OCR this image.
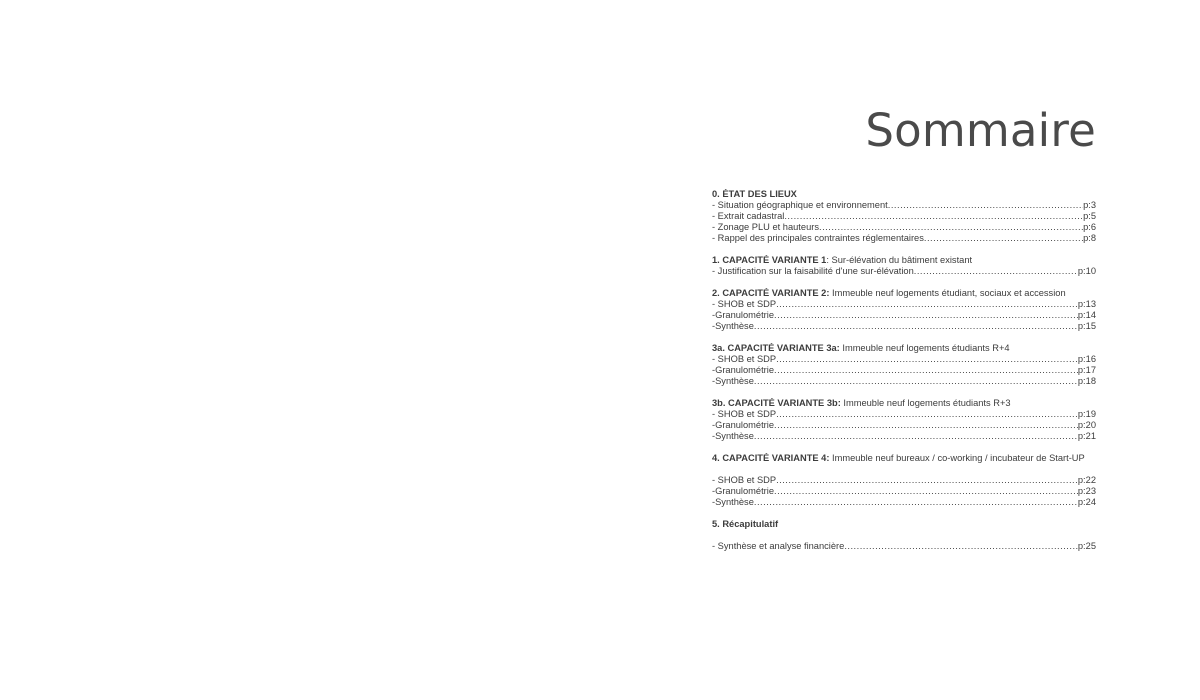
Sommaire
0. ÉTAT DES LIEUX
- Situation géographique et environnement .....	p:3
- Extrait cadastral .....	p:5
- Zonage PLU et hauteurs .....	p:6
- Rappel des principales contraintes réglementaires .....	p:8
1. CAPACITÉ VARIANTE 1: Sur-élévation du bâtiment existant
- Justification sur la faisabilité d'une sur-élévation .....	p:10
2. CAPACITÉ VARIANTE 2: Immeuble neuf logements étudiant, sociaux et accession
- SHOB et SDP .....	p:13
-Granulométrie .....	p:14
-Synthèse .....	p:15
3a. CAPACITÉ VARIANTE 3a: Immeuble neuf logements étudiants R+4
- SHOB et SDP .....	p:16
-Granulométrie .....	p:17
-Synthèse .....	p:18
3b. CAPACITÉ VARIANTE 3b: Immeuble neuf logements étudiants R+3
- SHOB et SDP .....	p:19
-Granulométrie .....	p:20
-Synthèse .....	p:21
4. CAPACITÉ VARIANTE 4: Immeuble neuf bureaux / co-working / incubateur de Start-UP
- SHOB et SDP .....	p:22
-Granulométrie .....	p:23
-Synthèse .....	p:24
5. Récapitulatif
- Synthèse et analyse financière .....	p:25
